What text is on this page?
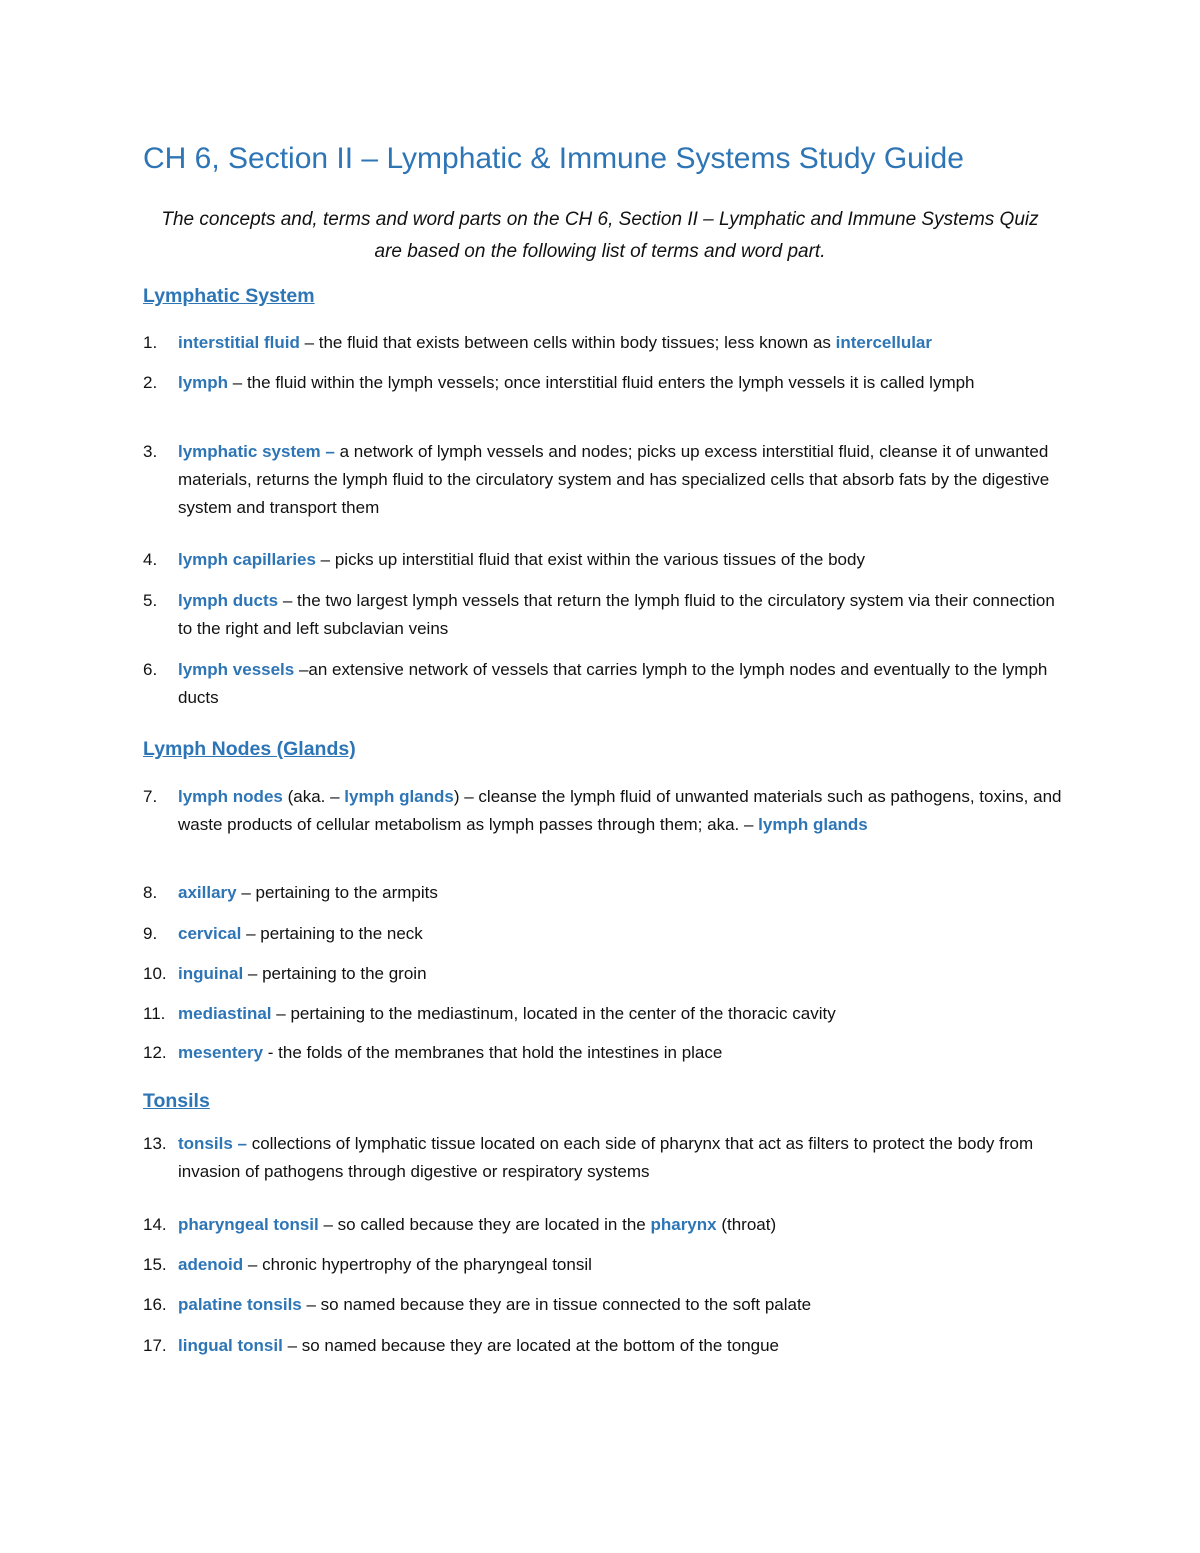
CH 6, Section II – Lymphatic & Immune Systems Study Guide
The concepts and, terms and word parts on the CH 6, Section II – Lymphatic and Immune Systems Quiz are based on the following list of terms and word part.
Lymphatic System
1.	interstitial fluid – the fluid that exists between cells within body tissues; less known as intercellular
2.	lymph – the fluid within the lymph vessels; once interstitial fluid enters the lymph vessels it is called lymph
3.	lymphatic system – a network of lymph vessels and nodes; picks up excess interstitial fluid, cleanse it of unwanted materials, returns the lymph fluid to the circulatory system and has specialized cells that absorb fats by the digestive system and transport them
4.	lymph capillaries – picks up interstitial fluid that exist within the various tissues of the body
5.	lymph ducts – the two largest lymph vessels that return the lymph fluid to the circulatory system via their connection to the right and left subclavian veins
6.	lymph vessels –an extensive network of vessels that carries lymph to the lymph nodes and eventually to the lymph ducts
Lymph Nodes (Glands)
7.	lymph nodes (aka. – lymph glands) – cleanse the lymph fluid of unwanted materials such as pathogens, toxins, and waste products of cellular metabolism as lymph passes through them; aka. – lymph glands
8.	axillary – pertaining to the armpits
9.	cervical – pertaining to the neck
10. inguinal – pertaining to the groin
11. mediastinal – pertaining to the mediastinum, located in the center of the thoracic cavity
12. mesentery - the folds of the membranes that hold the intestines in place
Tonsils
13. tonsils – collections of lymphatic tissue located on each side of pharynx that act as filters to protect the body from invasion of pathogens through digestive or respiratory systems
14. pharyngeal tonsil – so called because they are located in the pharynx (throat)
15. adenoid – chronic hypertrophy of the pharyngeal tonsil
16. palatine tonsils – so named because they are in tissue connected to the soft palate
17. lingual tonsil – so named because they are located at the bottom of the tongue
